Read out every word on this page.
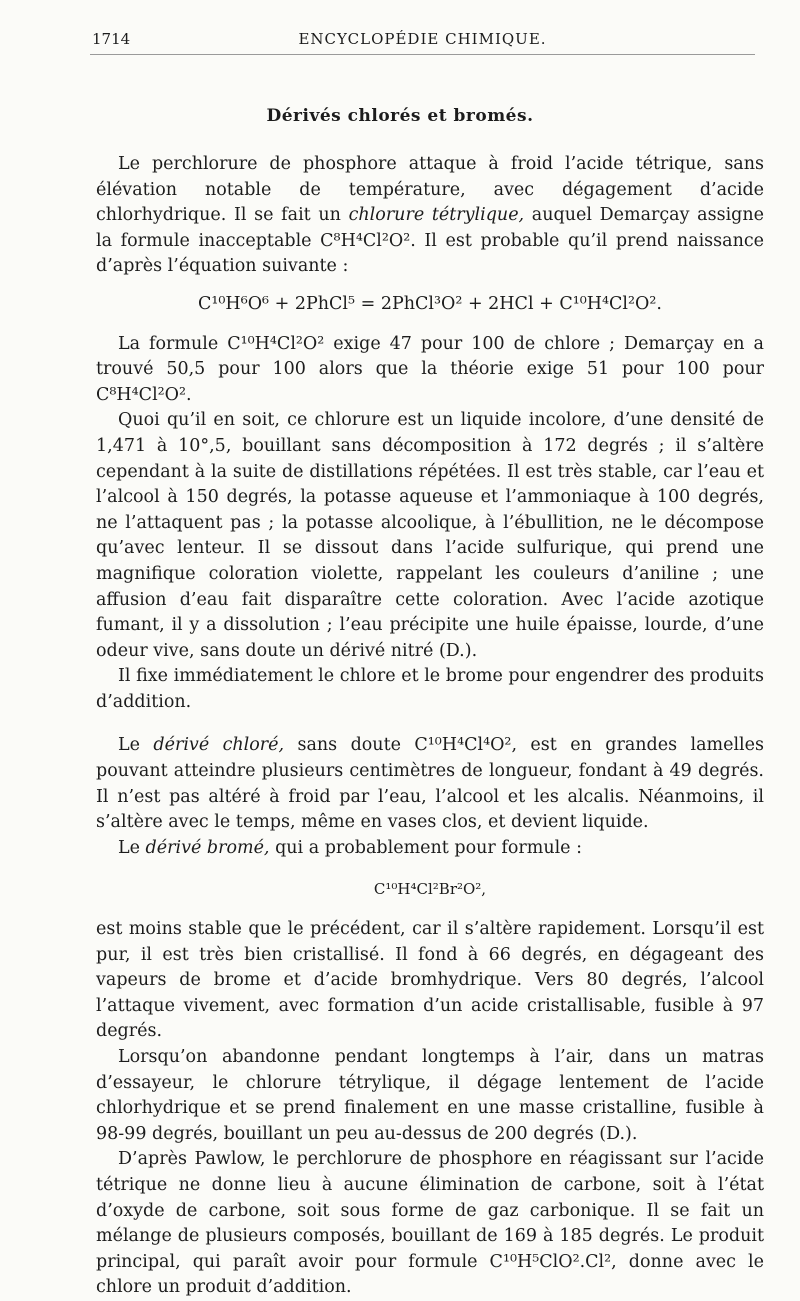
1714	ENCYCLOPÉDIE CHIMIQUE.
Dérivés chlorés et bromés.

Le perchlorure de phosphore attaque à froid l’acide tétrique, sans élévation notable de température, avec dégagement d’acide chlorhydrique. Il se fait un chlorure tétrylique, auquel Demarçay assigne la formule inacceptable C⁸H⁴Cl²O². Il est probable qu’il prend naissance d’après l’équation suivante :

C¹⁰H⁶O⁶ + 2PhCl⁵ = 2PhCl³O² + 2HCl + C¹⁰H⁴Cl²O².

La formule C¹⁰H⁴Cl²O² exige 47 pour 100 de chlore ; Demarçay en a trouvé 50,5 pour 100 alors que la théorie exige 51 pour 100 pour C⁸H⁴Cl²O².

Quoi qu’il en soit, ce chlorure est un liquide incolore, d’une densité de 1,471 à 10°,5, bouillant sans décomposition à 172 degrés ; il s’altère cependant à la suite de distillations répétées. Il est très stable, car l’eau et l’alcool à 150 degrés, la potasse aqueuse et l’ammoniaque à 100 degrés, ne l’attaquent pas ; la potasse alcoolique, à l’ébullition, ne le décompose qu’avec lenteur. Il se dissout dans l’acide sulfurique, qui prend une magnifique coloration violette, rappelant les couleurs d’aniline ; une affusion d’eau fait disparaître cette coloration. Avec l’acide azotique fumant, il y a dissolution ; l’eau précipite une huile épaisse, lourde, d’une odeur vive, sans doute un dérivé nitré (D.).

Il fixe immédiatement le chlore et le brome pour engendrer des produits d’addition.

Le dérivé chloré, sans doute C¹⁰H⁴Cl⁴O², est en grandes lamelles pouvant atteindre plusieurs centimètres de longueur, fondant à 49 degrés. Il n’est pas altéré à froid par l’eau, l’alcool et les alcalis. Néanmoins, il s’altère avec le temps, même en vases clos, et devient liquide.

Le dérivé bromé, qui a probablement pour formule :

C¹⁰H⁴Cl²Br²O²,

est moins stable que le précédent, car il s’altère rapidement. Lorsqu’il est pur, il est très bien cristallisé. Il fond à 66 degrés, en dégageant des vapeurs de brome et d’acide bromhydrique. Vers 80 degrés, l’alcool l’attaque vivement, avec formation d’un acide cristallisable, fusible à 97 degrés.

Lorsqu’on abandonne pendant longtemps à l’air, dans un matras d’essayeur, le chlorure tétrylique, il dégage lentement de l’acide chlorhydrique et se prend finalement en une masse cristalline, fusible à 98-99 degrés, bouillant un peu au-dessus de 200 degrés (D.).

D’après Pawlow, le perchlorure de phosphore en réagissant sur l’acide tétrique ne donne lieu à aucune élimination de carbone, soit à l’état d’oxyde de carbone, soit sous forme de gaz carbonique. Il se fait un mélange de plusieurs composés, bouillant de 169 à 185 degrés. Le produit principal, qui paraît avoir pour formule C¹⁰H⁵ClO².Cl², donne avec le chlore un produit d’addition.
